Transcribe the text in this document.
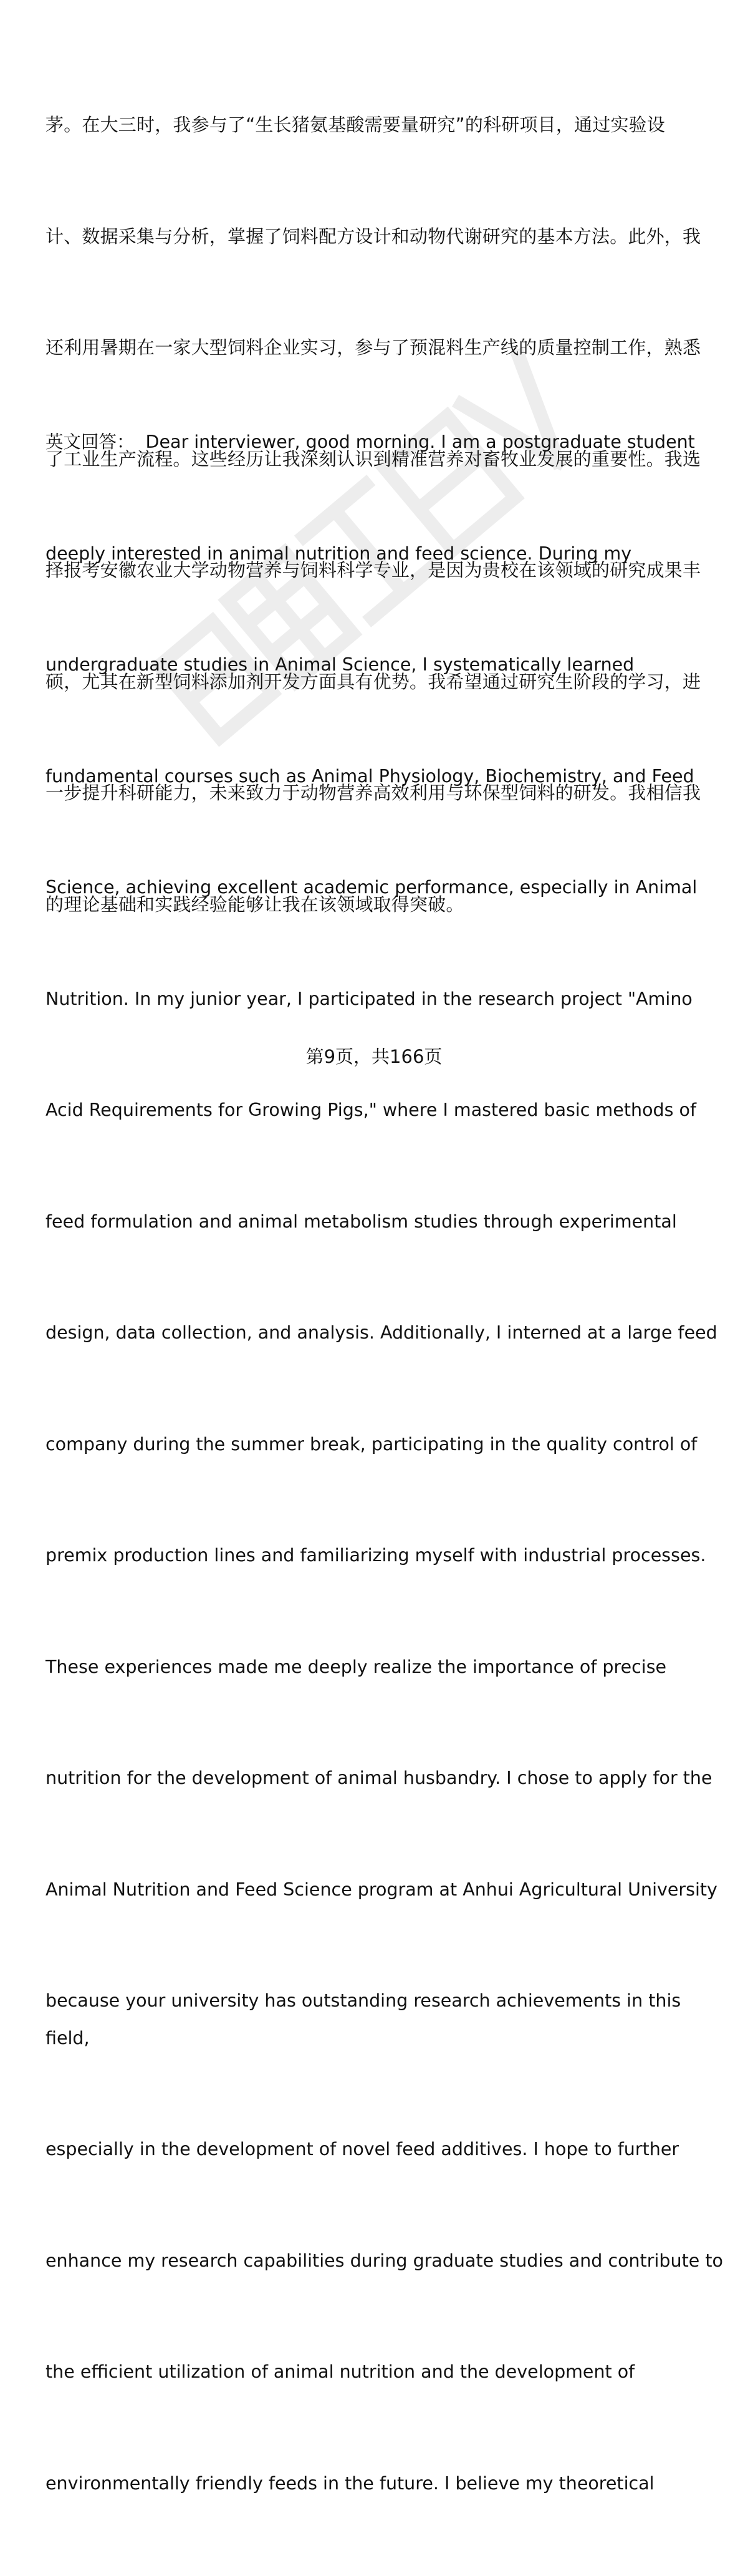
茅。在大三时，我参与了“生长猪氨基酸需要量研究”的科研项目，通过实验设

计、数据采集与分析，掌握了饲料配方设计和动物代谢研究的基本方法。此外，我

还利用暑期在一家大型饲料企业实习，参与了预混料生产线的质量控制工作，熟悉

了工业生产流程。这些经历让我深刻认识到精准营养对畜牧业发展的重要性。我选

择报考安徽农业大学动物营养与饲料科学专业，是因为贵校在该领域的研究成果丰

硕，尤其在新型饲料添加剂开发方面具有优势。我希望通过研究生阶段的学习，进

一步提升科研能力，未来致力于动物营养高效利用与环保型饲料的研发。我相信我

的理论基础和实践经验能够让我在该领域取得突破。

英文回答： Dear interviewer, good morning. I am a postgraduate student

deeply interested in animal nutrition and feed science. During my

undergraduate studies in Animal Science, I systematically learned

fundamental courses such as Animal Physiology, Biochemistry, and Feed

Science, achieving excellent academic performance, especially in Animal

Nutrition. In my junior year, I participated in the research project "Amino

Acid Requirements for Growing Pigs," where I mastered basic methods of

feed formulation and animal metabolism studies through experimental

design, data collection, and analysis. Additionally, I interned at a large feed

company during the summer break, participating in the quality control of

premix production lines and familiarizing myself with industrial processes.

These experiences made me deeply realize the importance of precise

nutrition for the development of animal husbandry. I chose to apply for the

Animal Nutrition and Feed Science program at Anhui Agricultural University

because your university has outstanding research achievements in this field,

especially in the development of novel feed additives. I hope to further

enhance my research capabilities during graduate studies and contribute to

the efficient utilization of animal nutrition and the development of

environmentally friendly feeds in the future. I believe my theoretical

第9页，共166页
